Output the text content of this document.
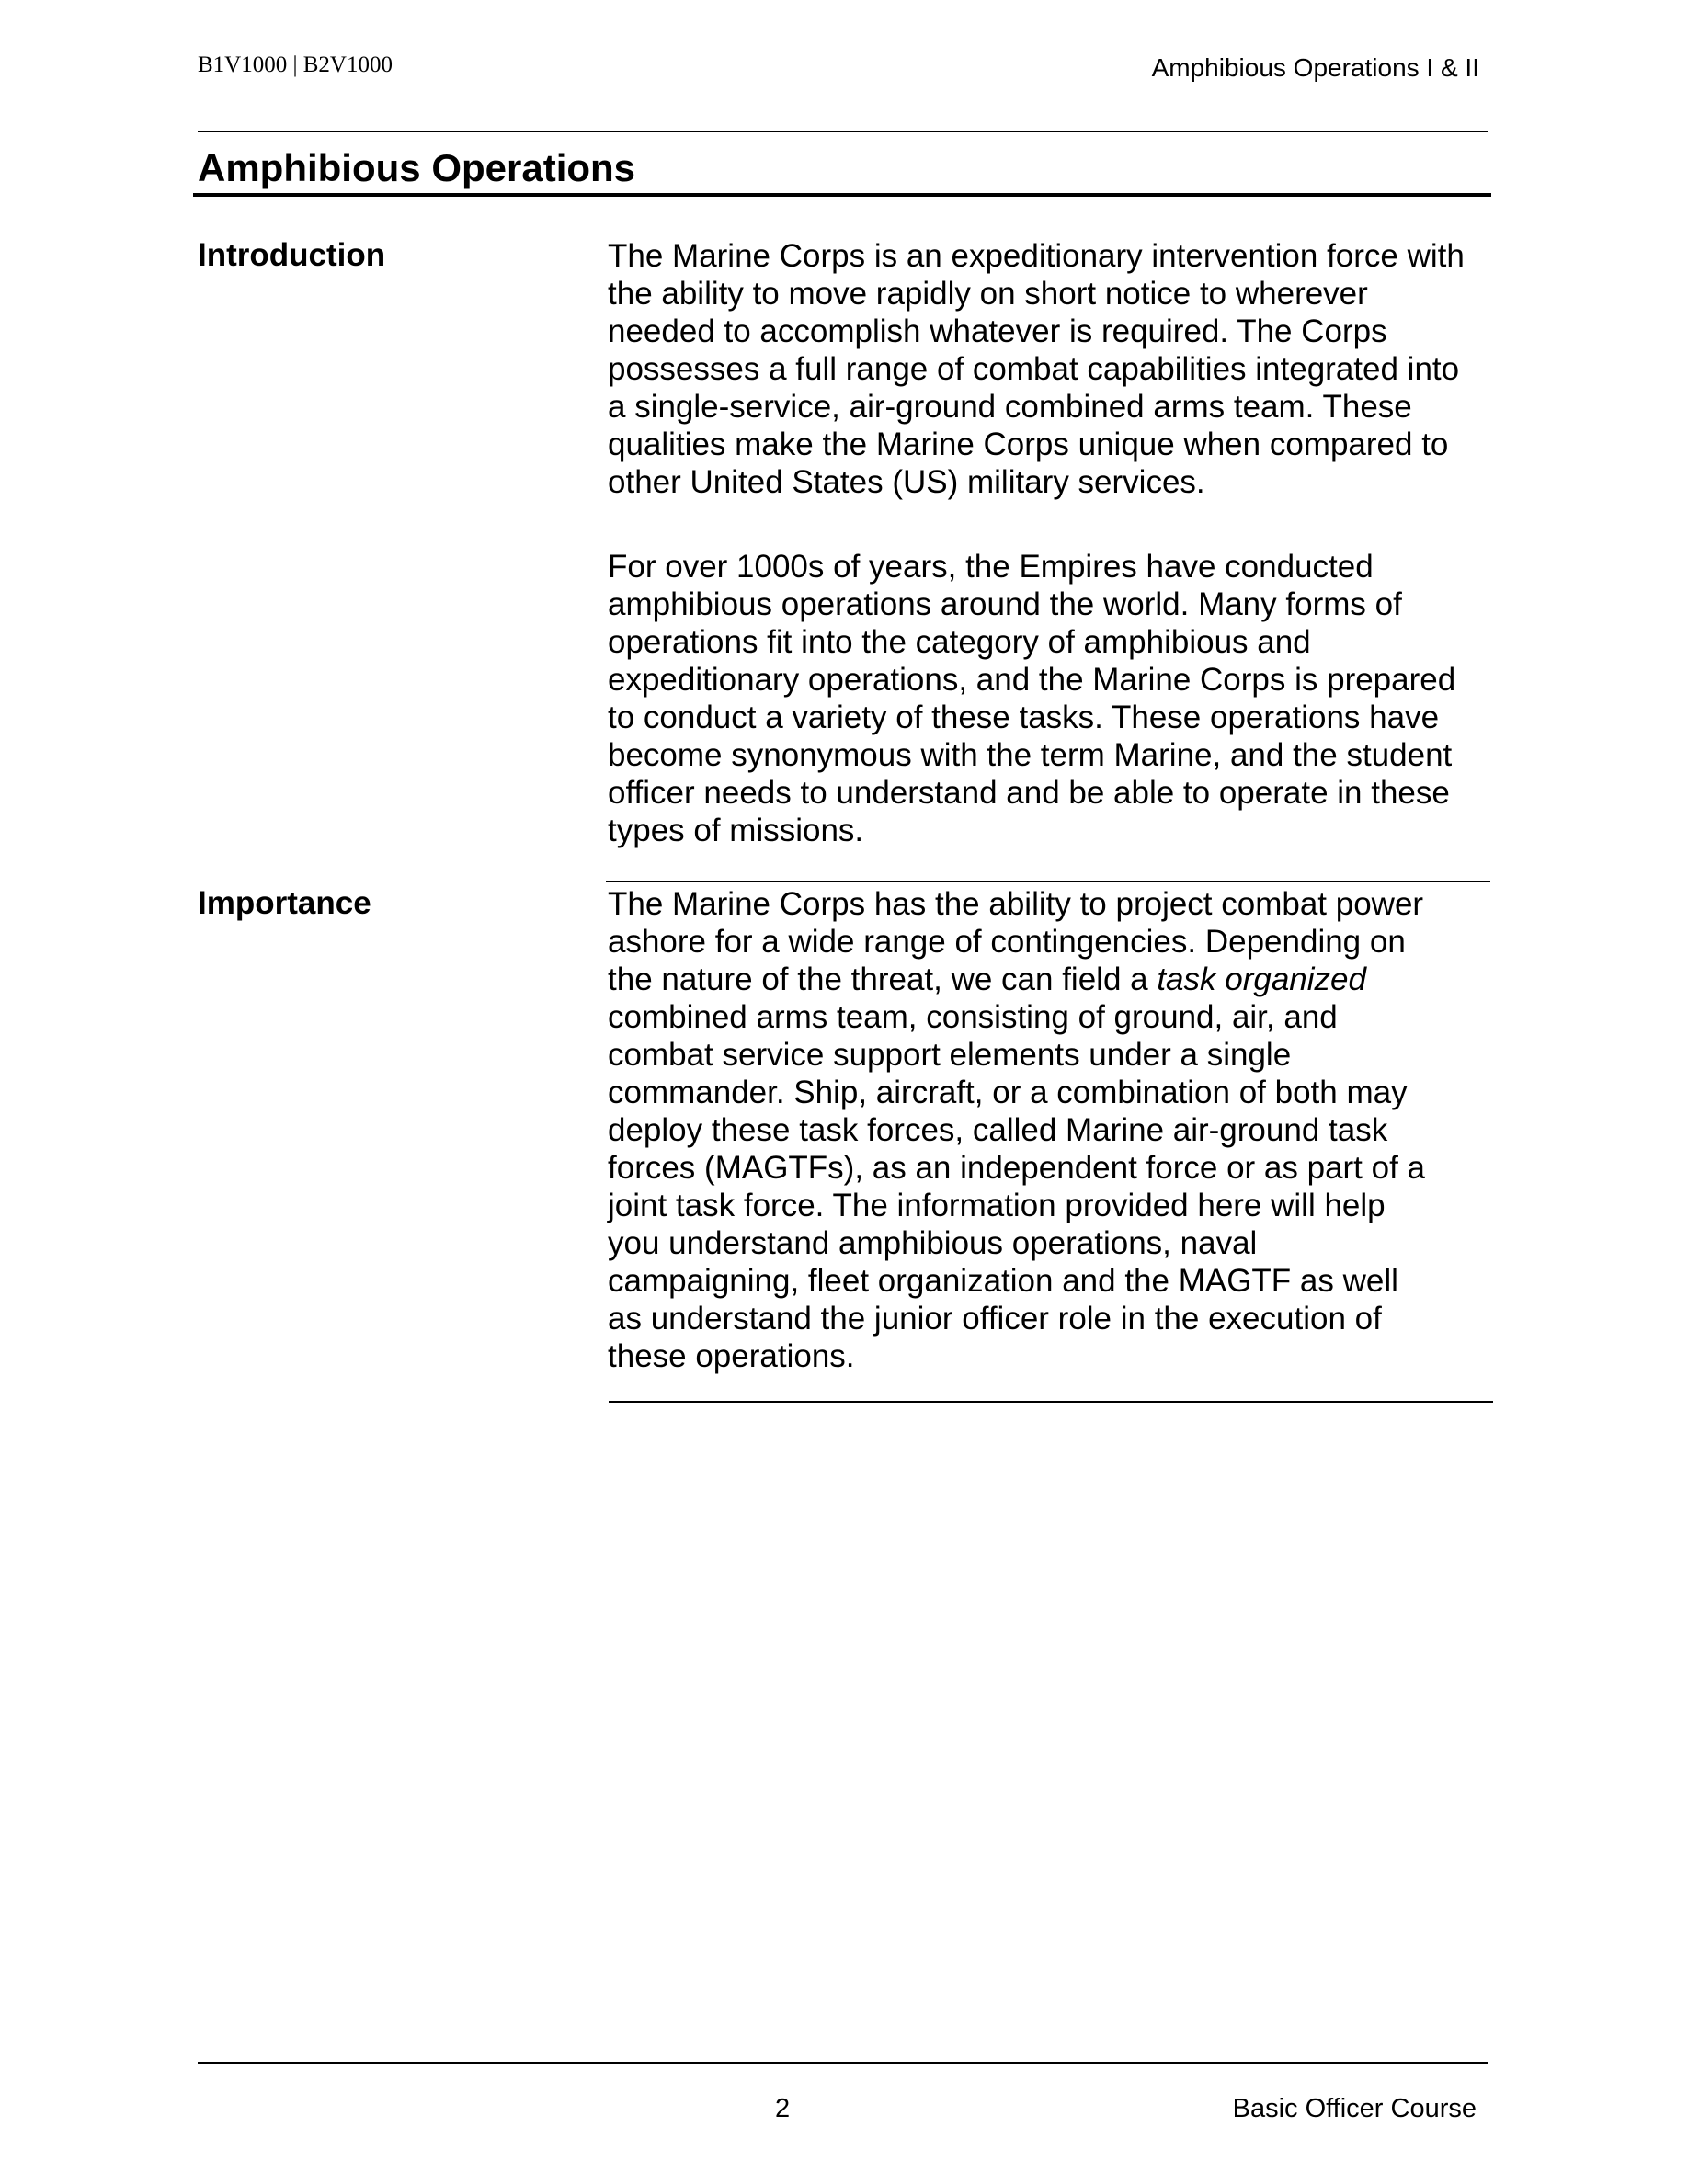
B1V1000 | B2V1000	Amphibious Operations I & II
Amphibious Operations
Introduction	The Marine Corps is an expeditionary intervention force with
the ability to move rapidly on short notice to wherever
needed to accomplish whatever is required. The Corps
possesses a full range of combat capabilities integrated into
a single-service, air-ground combined arms team. These
qualities make the Marine Corps unique when compared to
other United States (US) military services.

For over 1000s of years, the Empires have conducted
amphibious operations around the world. Many forms of
operations fit into the category of amphibious and
expeditionary operations, and the Marine Corps is prepared
to conduct a variety of these tasks. These operations have
become synonymous with the term Marine, and the student
officer needs to understand and be able to operate in these
types of missions.

Importance	The Marine Corps has the ability to project combat power
ashore for a wide range of contingencies. Depending on
the nature of the threat, we can field a task organized
combined arms team, consisting of ground, air, and
combat service support elements under a single
commander. Ship, aircraft, or a combination of both may
deploy these task forces, called Marine air-ground task
forces (MAGTFs), as an independent force or as part of a
joint task force. The information provided here will help
you understand amphibious operations, naval
campaigning, fleet organization and the MAGTF as well
as understand the junior officer role in the execution of
these operations.

2	Basic Officer Course
